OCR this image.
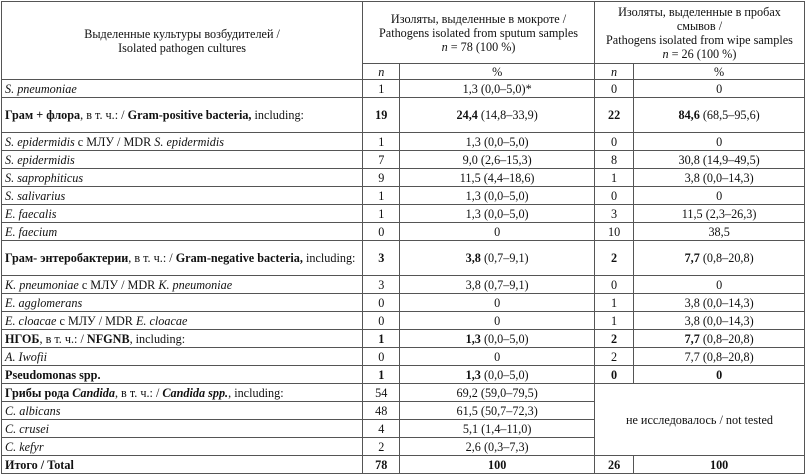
Выделенные культуры возбудителей /
Isolated pathogen cultures	Изоляты, выделенные в мокроте /
Pathogens isolated from sputum samples
n = 78 (100 %)		Изоляты, выделенные в пробах смывов /
Pathogens isolated from wipe samples
n = 26 (100 %)	
	n	%	n	%
S. pneumoniae	1	1,3 (0,0–5,0)*	0	0
Грам + флора, в т. ч.: / Gram-positive bacteria, including:	19	24,4 (14,8–33,9)	22	84,6 (68,5–95,6)
S. epidermidis с МЛУ / MDR S. epidermidis	1	1,3 (0,0–5,0)	0	0
S. epidermidis	7	9,0 (2,6–15,3)	8	30,8 (14,9–49,5)
S. saprophiticus	9	11,5 (4,4–18,6)	1	3,8 (0,0–14,3)
S. salivarius	1	1,3 (0,0–5,0)	0	0
E. faecalis	1	1,3 (0,0–5,0)	3	11,5 (2,3–26,3)
E. faecium	0	0	10	38,5
Грам- энтеробактерии, в т. ч.: / Gram-negative bacteria, including:	3	3,8 (0,7–9,1)	2	7,7 (0,8–20,8)
K. pneumoniae с МЛУ / MDR K. pneumoniae	3	3,8 (0,7–9,1)	0	0
E. agglomerans	0	0	1	3,8 (0,0–14,3)
E. cloacae с МЛУ / MDR E. cloacae	0	0	1	3,8 (0,0–14,3)
НГОБ, в т. ч.: / NFGNB, including:	1	1,3 (0,0–5,0)	2	7,7 (0,8–20,8)
A. Iwofii	0	0	2	7,7 (0,8–20,8)
Pseudomonas spp.	1	1,3 (0,0–5,0)	0	0
Грибы рода Candida, в т. ч.: / Candida spp., including:	54	69,2 (59,0–79,5)	не исследовалось / not tested	
C. albicans	48	61,5 (50,7–72,3)		
C. crusei	4	5,1 (1,4–11,0)		
C. kefyr	2	2,6 (0,3–7,3)		
Итого / Total	78	100	26	100
